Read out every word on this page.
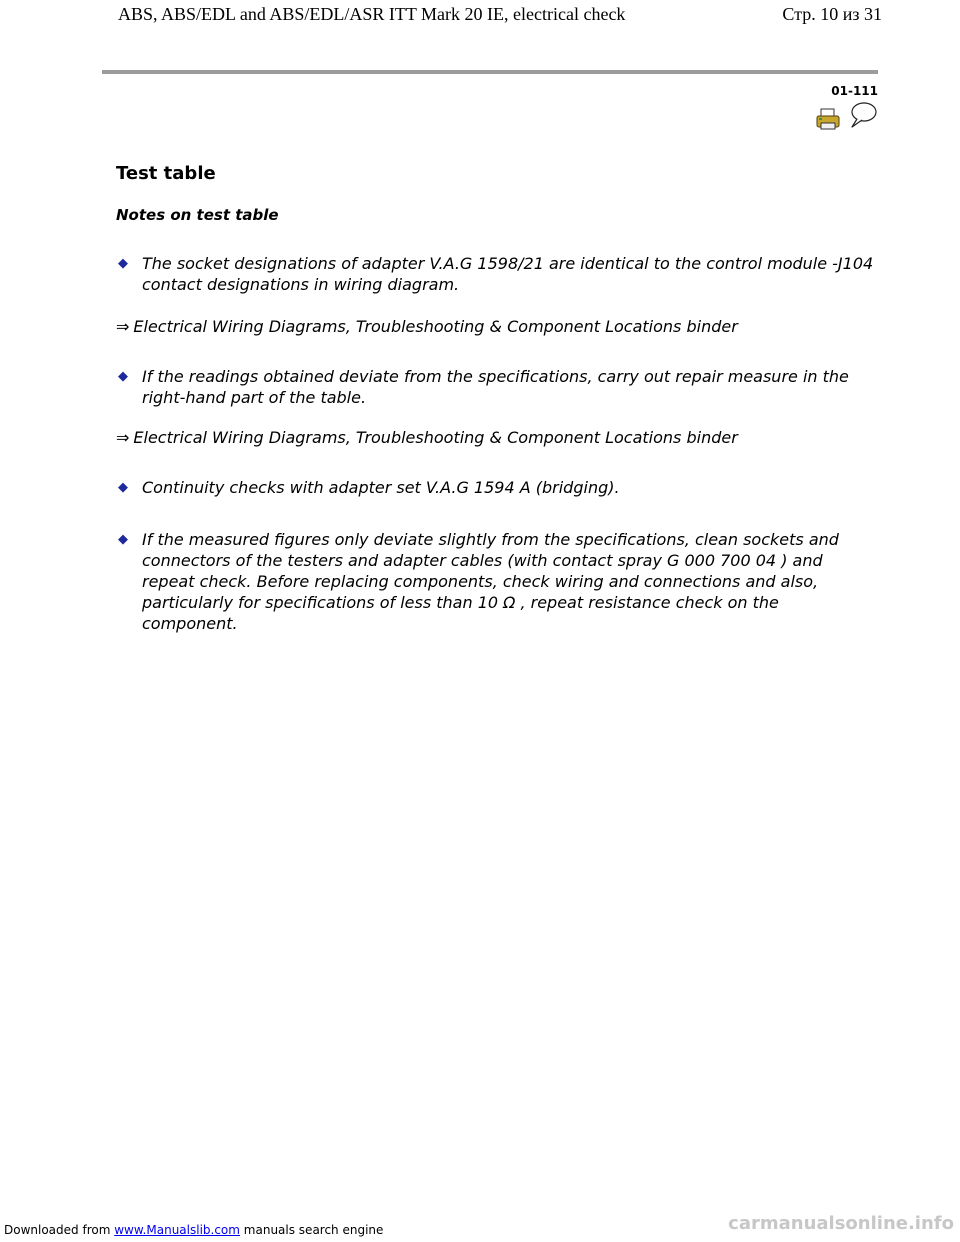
ABS, ABS/EDL and ABS/EDL/ASR ITT Mark 20 IE, electrical check	Стр. 10 из 31
01-111
Test table
Notes on test table
◆ The socket designations of adapter V.A.G 1598/21 are identical to the control module -J104 contact designations in wiring diagram.
⇒ Electrical Wiring Diagrams, Troubleshooting & Component Locations binder
◆ If the readings obtained deviate from the specifications, carry out repair measure in the right-hand part of the table.
⇒ Electrical Wiring Diagrams, Troubleshooting & Component Locations binder
◆ Continuity checks with adapter set V.A.G 1594 A (bridging).
◆ If the measured figures only deviate slightly from the specifications, clean sockets and connectors of the testers and adapter cables (with contact spray G 000 700 04 ) and repeat check. Before replacing components, check wiring and connections and also, particularly for specifications of less than 10 Ω , repeat resistance check on the component.
Downloaded from www.Manualslib.com manuals search engine	carmanualsonline.info
